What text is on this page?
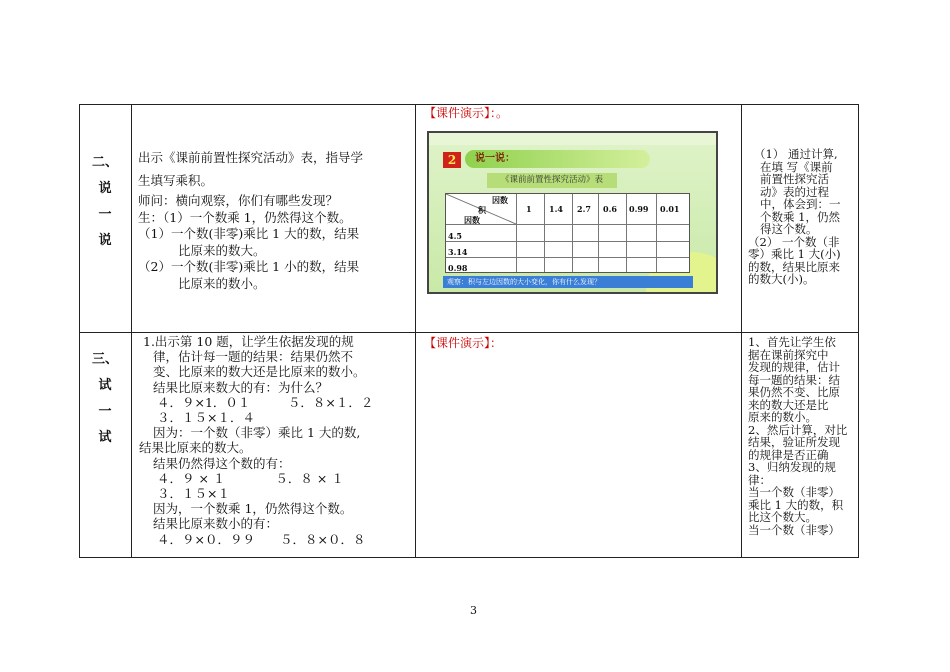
二、
说
一
说

出示《课前前置性探究活动》表，指导学

生填写乘积。

师问：横向观察，你们有哪些发现？

生：（1）一个数乘 1，仍然得这个数。

（1）一个数(非零)乘比 1 大的数，结果

比原来的数大。

（2）一个数(非零)乘比 1 小的数，结果

比原来的数小。

【课件演示】：。
2	说一说：
《课前前置性探究活动》表
因数
积
因数
1 1.4 2.7 0.6 0.99 0.01
4.5
3.14
0.98
观察：积与左边因数的大小变化，你有什么发现？

（1） 通过计算,

在填 写《课前

前置性探究活

动》表的过程

中，体会到：一

个数乘 1，仍然

得这个数。

（2） 一个数（非

零）乘比 1 大(小)

的数，结果比原来

的数大(小)。

三、
试
一
试

1.出示第 10 题，让学生依据发现的规

律，估计每一题的结果：结果仍然不

变、比原来的数大还是比原来的数小。

结果比原来数大的有：为什么？

４．９×1．０１　　　５．８×１．２

３．１５×１．４

因为：一个数（非零）乘比 1 大的数,

结果比原来的数大。

结果仍然得这个数的有：

４．９ × １　　　　５．８ × １

３．１５×１

因为，一个数乘 1，仍然得这个数。

结果比原来数小的有：

４．９×０．９９　　５．８×０．８

【课件演示】：	1、首先让学生依

据在课前探究中

发现的规律，估计

每一题的结果：结

果仍然不变、比原

来的数大还是比

原来的数小。

2、然后计算，对比

结果，验证所发现

的规律是否正确

3、归纳发现的规

律：

当一个数（非零）

乘比 1 大的数，积

比这个数大。

当一个数（非零）

3
